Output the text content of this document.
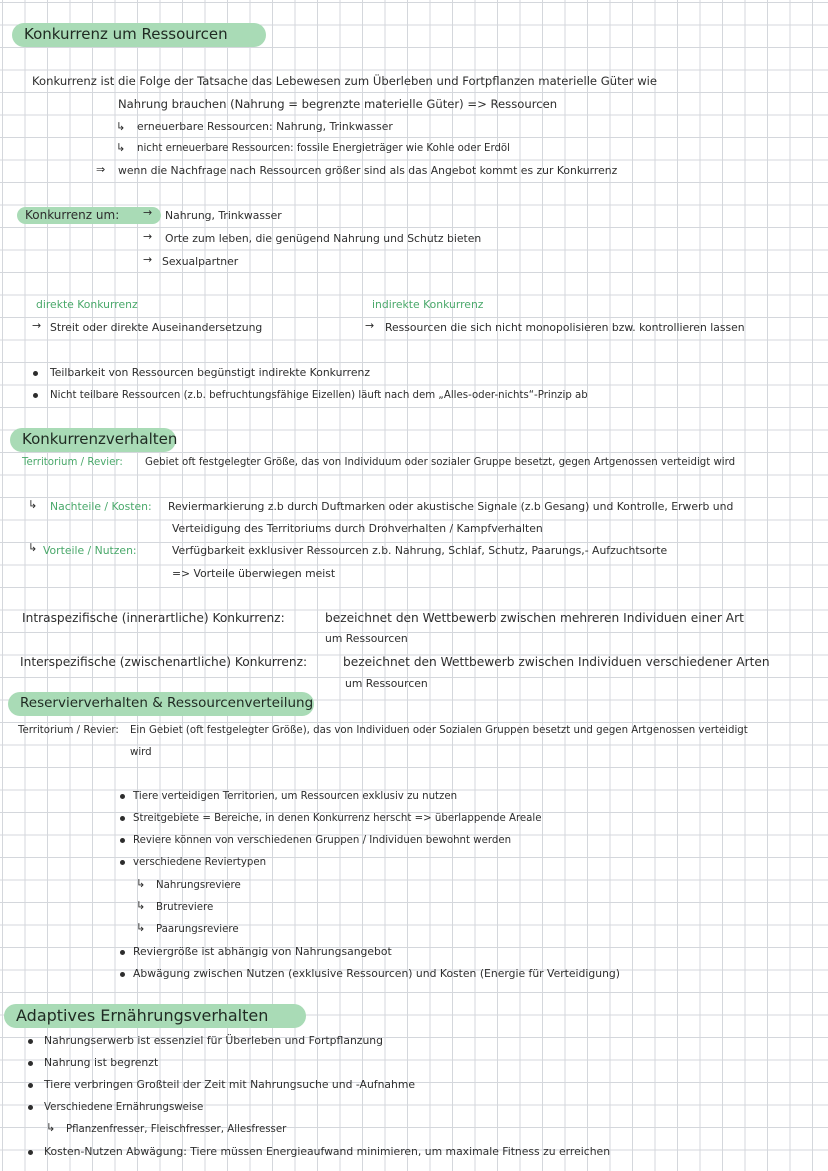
Konkurrenz um Ressourcen
Konkurrenz ist die Folge der Tatsache das Lebewesen zum Überleben und Fortpflanzen materielle Güter wie
Nahrung brauchen (Nahrung = begrenzte materielle Güter) => Ressourcen
↳ erneuerbare Ressourcen: Nahrung, Trinkwasser
↳ nicht erneuerbare Ressourcen: fossile Energieträger wie Kohle oder Erdöl
⇒ wenn die Nachfrage nach Ressourcen größer sind als das Angebot kommt es zur Konkurrenz
Konkurrenz um:	→ Nahrung, Trinkwasser
→ Orte zum leben, die genügend Nahrung und Schutz bieten
→ Sexualpartner
direkte Konkurrenz
→ Streit oder direkte Auseinandersetzung
indirekte Konkurrenz
→ Ressourcen die sich nicht monopolisieren bzw. kontrollieren lassen
Teilbarkeit von Ressourcen begünstigt indirekte Konkurrenz
Nicht teilbare Ressourcen (z.b. befruchtungsfähige Eizellen) läuft nach dem „Alles-oder-nichts“-Prinzip ab
Konkurrenzverhalten
Territorium / Revier: Gebiet oft festgelegter Größe, das von Individuum oder sozialer Gruppe besetzt, gegen Artgenossen verteidigt wird
↳ Nachteile / Kosten: Reviermarkierung z.b durch Duftmarken oder akustische Signale (z.b Gesang) und Kontrolle, Erwerb und
Verteidigung des Territoriums durch Drohverhalten / Kampfverhalten
↳ Vorteile / Nutzen:	Verfügbarkeit exklusiver Ressourcen z.b. Nahrung, Schlaf, Schutz, Paarungs,- Aufzuchtsorte
=> Vorteile überwiegen meist
Intraspezifische (innerartliche) Konkurrenz:	bezeichnet den Wettbewerb zwischen mehreren Individuen einer Art
um Ressourcen
Interspezifische (zwischenartliche) Konkurrenz:	bezeichnet den Wettbewerb zwischen Individuen verschiedener Arten
um Ressourcen
Reservierverhalten & Ressourcenverteilung
Territorium / Revier: Ein Gebiet (oft festgelegter Größe), das von Individuen oder Sozialen Gruppen besetzt und gegen Artgenossen verteidigt
wird
Tiere verteidigen Territorien, um Ressourcen exklusiv zu nutzen
Streitgebiete = Bereiche, in denen Konkurrenz herscht => überlappende Areale
Reviere können von verschiedenen Gruppen / Individuen bewohnt werden
verschiedene Reviertypen
↳ Nahrungsreviere
↳ Brutreviere
↳ Paarungsreviere
Reviergröße ist abhängig von Nahrungsangebot
Abwägung zwischen Nutzen (exklusive Ressourcen) und Kosten (Energie für Verteidigung)
Adaptives Ernährungsverhalten
Nahrungserwerb ist essenziel für Überleben und Fortpflanzung
Nahrung ist begrenzt
Tiere verbringen Großteil der Zeit mit Nahrungsuche und -Aufnahme
Verschiedene Ernährungsweise
↳ Pflanzenfresser, Fleischfresser, Allesfresser
Kosten-Nutzen Abwägung: Tiere müssen Energieaufwand minimieren, um maximale Fitness zu erreichen
